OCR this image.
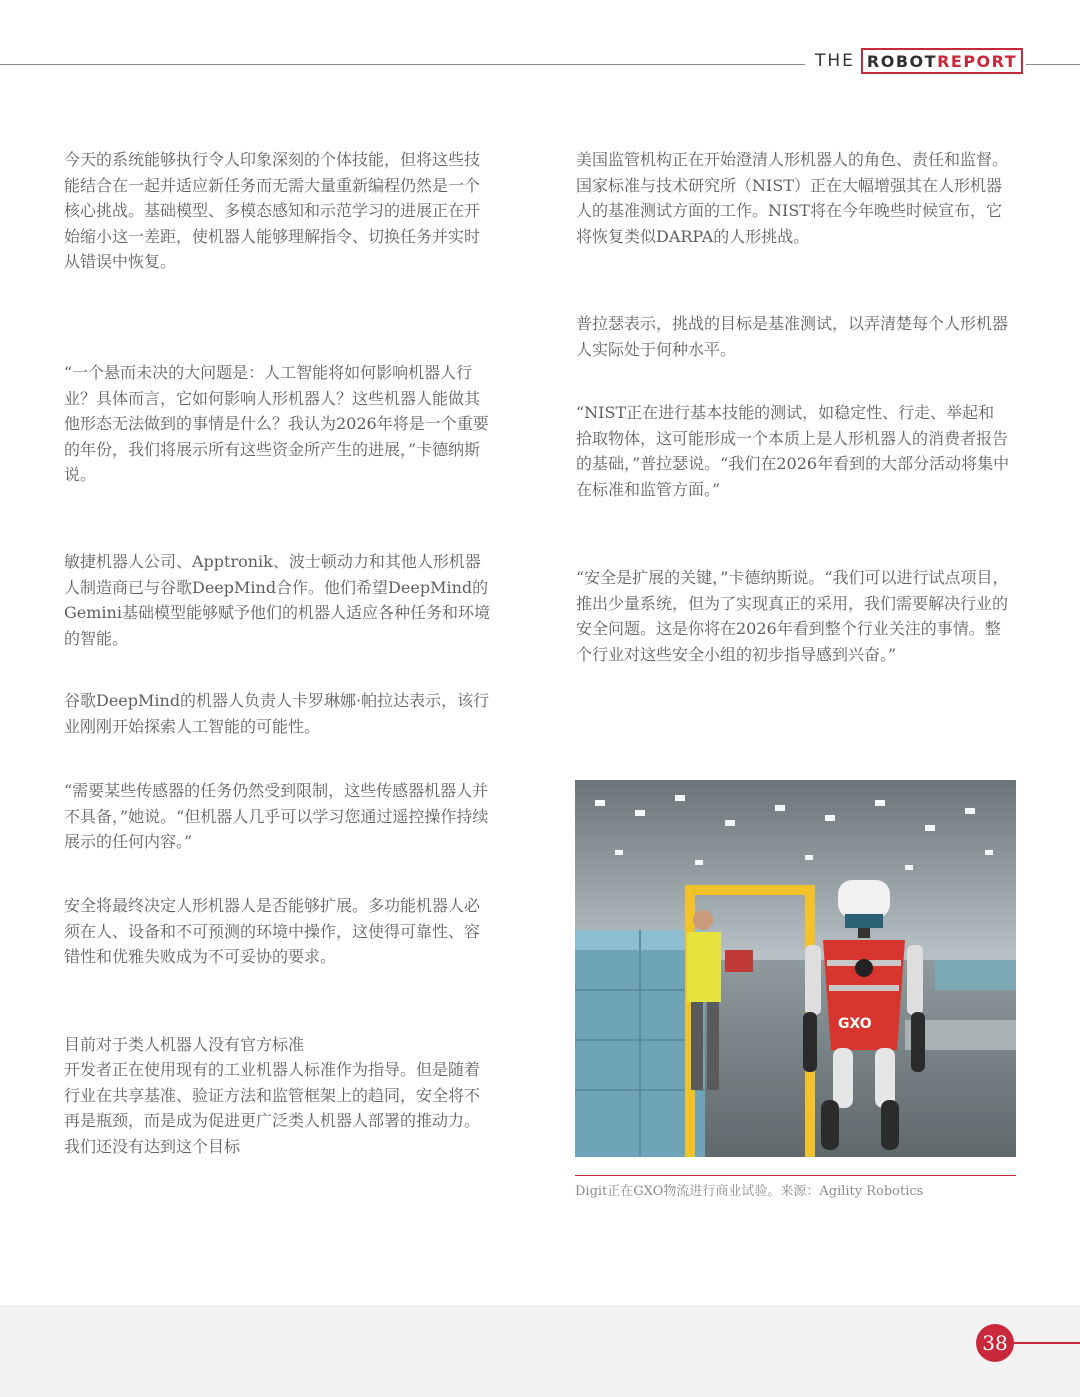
THE ROBOT REPORT

今天的系统能够执行令人印象深刻的个体技能，但将这些技能结合在一起并适应新任务而无需大量重新编程仍然是一个核心挑战。基础模型、多模态感知和示范学习的进展正在开始缩小这一差距，使机器人能够理解指令、切换任务并实时从错误中恢复。

“一个悬而未决的大问题是：人工智能将如何影响机器人行业？具体而言，它如何影响人形机器人？这些机器人能做其他形态无法做到的事情是什么？我认为2026年将是一个重要的年份，我们将展示所有这些资金所产生的进展，”卡德纳斯说。

敏捷机器人公司、Apptronik、波士顿动力和其他人形机器人制造商已与谷歌DeepMind合作。他们希望DeepMind的Gemini基础模型能够赋予他们的机器人适应各种任务和环境的智能。

谷歌DeepMind的机器人负责人卡罗琳娜·帕拉达表示，该行业刚刚开始探索人工智能的可能性。

“需要某些传感器的任务仍然受到限制，这些传感器机器人并不具备，”她说。“但机器人几乎可以学习您通过遥控操作持续展示的任何内容。”

安全将最终决定人形机器人是否能够扩展。多功能机器人必须在人、设备和不可预测的环境中操作，这使得可靠性、容错性和优雅失败成为不可妥协的要求。

目前对于类人机器人没有官方标准

开发者正在使用现有的工业机器人标准作为指导。但是随着行业在共享基准、验证方法和监管框架上的趋同，安全将不再是瓶颈，而是成为促进更广泛类人机器人部署的推动力。我们还没有达到这个目标

美国监管机构正在开始澄清人形机器人的角色、责任和监督。国家标准与技术研究所（NIST）正在大幅增强其在人形机器人的基准测试方面的工作。NIST将在今年晚些时候宣布，它将恢复类似DARPA的人形挑战。

普拉瑟表示，挑战的目标是基准测试，以弄清楚每个人形机器人实际处于何种水平。

“NIST正在进行基本技能的测试，如稳定性、行走、举起和拾取物体，这可能形成一个本质上是人形机器人的消费者报告的基础，”普拉瑟说。“我们在2026年看到的大部分活动将集中在标准和监管方面。”

“安全是扩展的关键，”卡德纳斯说。“我们可以进行试点项目，推出少量系统，但为了实现真正的采用，我们需要解决行业的安全问题。这是你将在2026年看到整个行业关注的事情。整个行业对这些安全小组的初步指导感到兴奋。”

GXO
Digit正在GXO物流进行商业试验。来源：Agility Robotics
38
